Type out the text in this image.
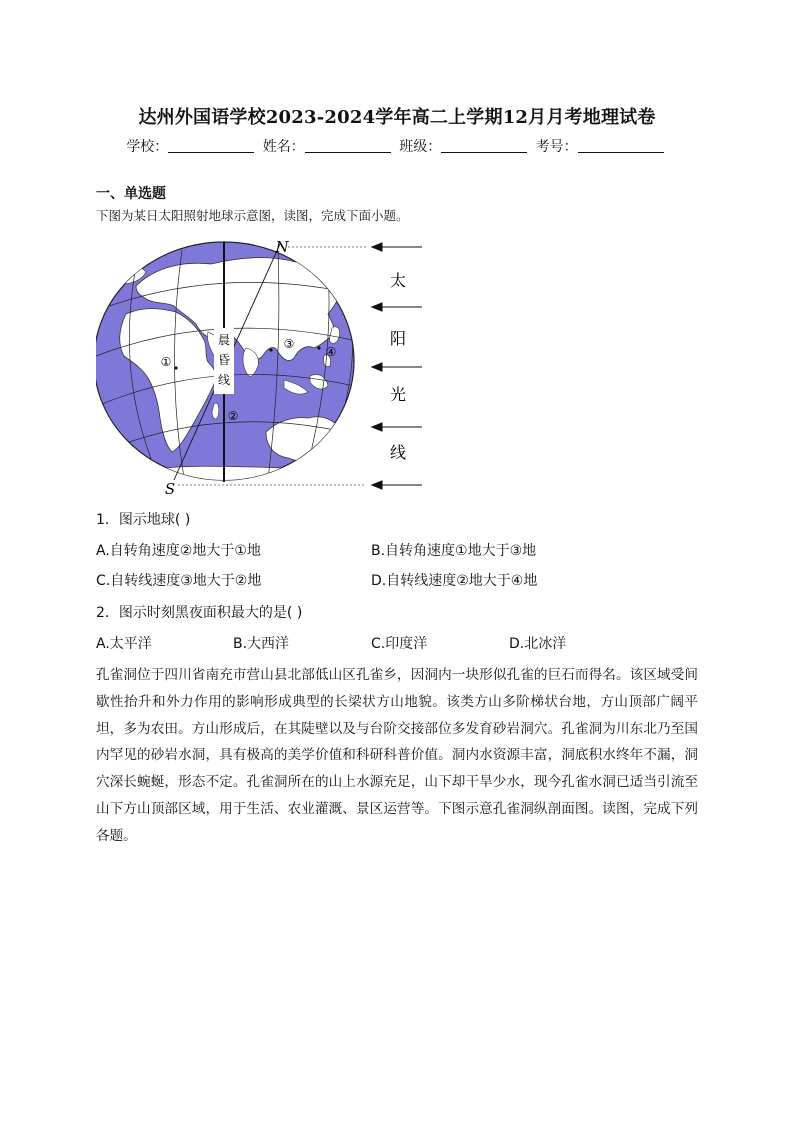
达州外国语学校2023-2024学年高二上学期12月月考地理试卷
学校：	姓名：	班级：	考号：
一、单选题
下图为某日太阳照射地球示意图，读图，完成下面小题。
晨
昏
线
①
②
③
④
N
S
太
阳
光
线
1．图示地球( )
A.自转角速度②地大于①地	B.自转角速度①地大于③地
C.自转线速度③地大于②地	D.自转线速度②地大于④地
2．图示时刻黑夜面积最大的是( )
A.太平洋	B.大西洋	C.印度洋	D.北冰洋
孔雀洞位于四川省南充市营山县北部低山区孔雀乡，因洞内一块形似孔雀的巨石而得名。该区域受间歇性抬升和外力作用的影响形成典型的长梁状方山地貌。该类方山多阶梯状台地，方山顶部广阔平坦，多为农田。方山形成后，在其陡壁以及与台阶交接部位多发育砂岩洞穴。孔雀洞为川东北乃至国内罕见的砂岩水洞，具有极高的美学价值和科研科普价值。洞内水资源丰富，洞底积水终年不漏，洞穴深长蜿蜒，形态不定。孔雀洞所在的山上水源充足，山下却干旱少水，现今孔雀水洞已适当引流至山下方山顶部区域，用于生活、农业灌溉、景区运营等。下图示意孔雀洞纵剖面图。读图，完成下列各题。
